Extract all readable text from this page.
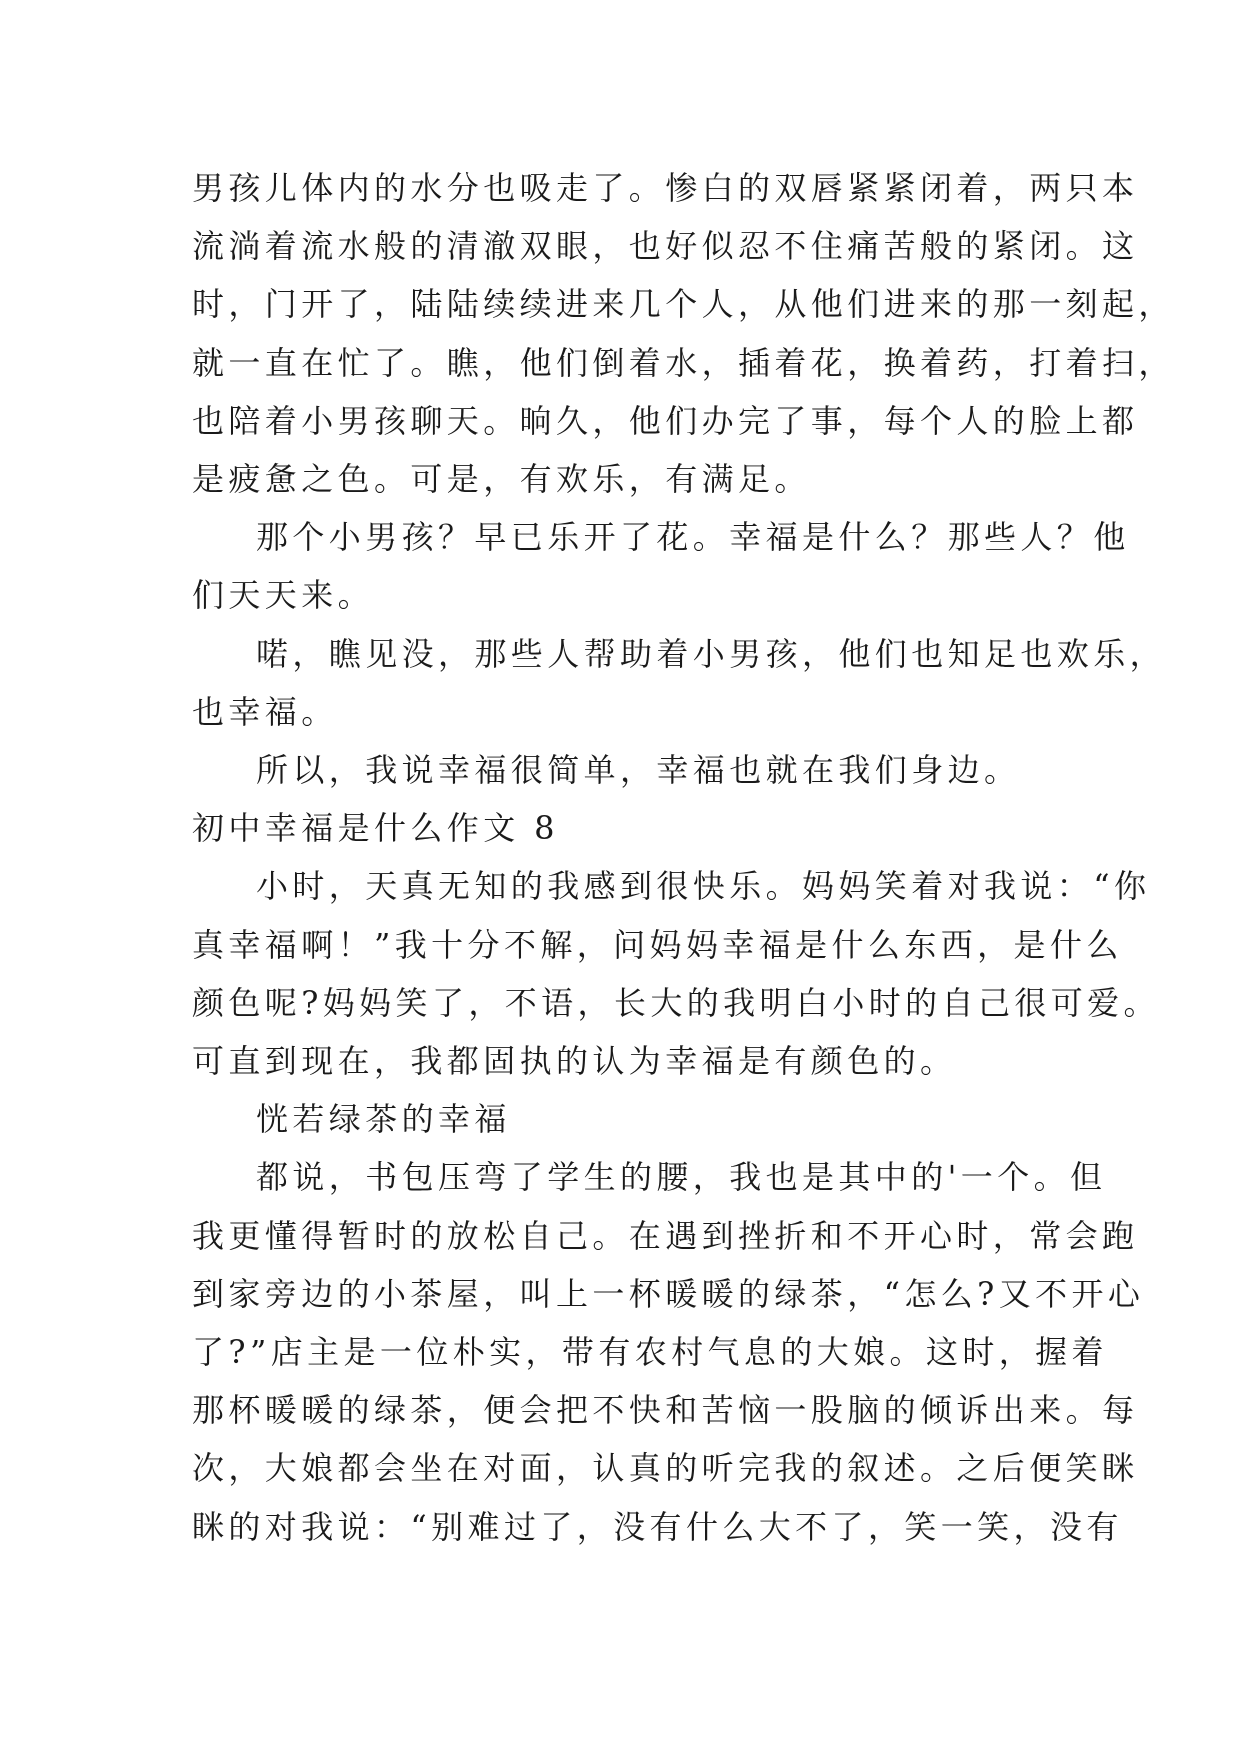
男孩儿体内的水分也吸走了。惨白的双唇紧紧闭着，两只本
流淌着流水般的清澈双眼，也好似忍不住痛苦般的紧闭。这
时，门开了，陆陆续续进来几个人，从他们进来的那一刻起，
就一直在忙了。瞧，他们倒着水，插着花，换着药，打着扫，
也陪着小男孩聊天。晌久，他们办完了事，每个人的脸上都
是疲惫之色。可是，有欢乐，有满足。
那个小男孩？早已乐开了花。幸福是什么？那些人？他
们天天来。
喏，瞧见没，那些人帮助着小男孩，他们也知足也欢乐，
也幸福。
所以，我说幸福很简单，幸福也就在我们身边。
初中幸福是什么作文 8
小时，天真无知的我感到很快乐。妈妈笑着对我说：“你
真幸福啊！”我十分不解，问妈妈幸福是什么东西，是什么
颜色呢?妈妈笑了，不语，长大的我明白小时的自己很可爱。
可直到现在，我都固执的认为幸福是有颜色的。
恍若绿茶的幸福
都说，书包压弯了学生的腰，我也是其中的'一个。但
我更懂得暂时的放松自己。在遇到挫折和不开心时，常会跑
到家旁边的小茶屋，叫上一杯暖暖的绿茶，“怎么?又不开心
了?”店主是一位朴实，带有农村气息的大娘。这时，握着
那杯暖暖的绿茶，便会把不快和苦恼一股脑的倾诉出来。每
次，大娘都会坐在对面，认真的听完我的叙述。之后便笑眯
眯的对我说：“别难过了，没有什么大不了，笑一笑，没有
